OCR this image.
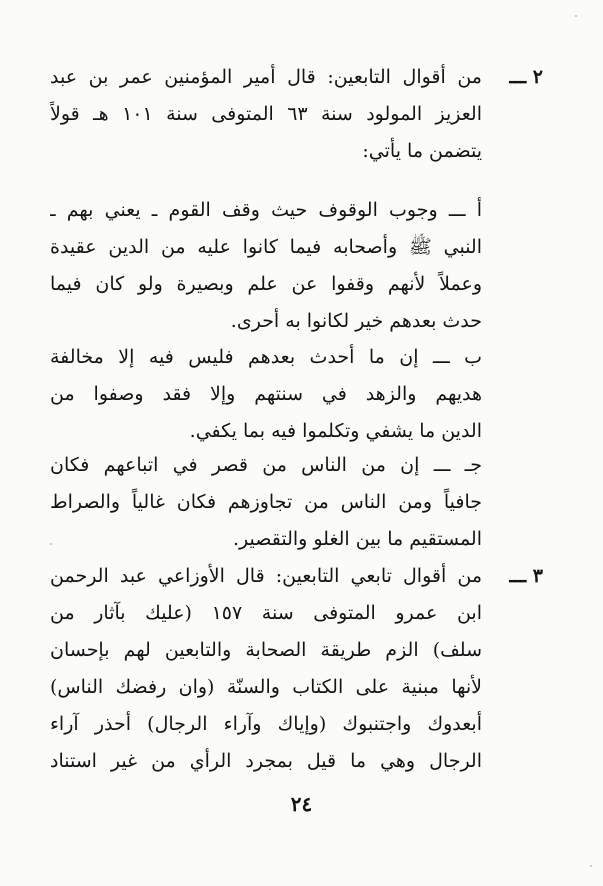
٢ ـــ
من أقوال التابعين: قال أمير المؤمنين عمر بن عبد
العزيز المولود سنة ٦٣ المتوفى سنة ١٠١ هـ قولاً
يتضمن ما يأتي:
أ ـــ وجوب الوقوف حيث وقف القوم ـ يعني بهم ـ
النبي ﷺ وأصحابه فيما كانوا عليه من الدين عقيدة
وعملاً لأنهم وقفوا عن علم وبصيرة ولو كان فيما
حدث بعدهم خير لكانوا به أحرى.
ب ـــ إن ما أحدث بعدهم فليس فيه إلا مخالفة
هديهم والزهد في سنتهم وإلا فقد وصفوا من
الدين ما يشفي وتكلموا فيه بما يكفي.
جـ ـــ إن من الناس من قصر في اتباعهم فكان
جافياً ومن الناس من تجاوزهم فكان غالياً والصراط
المستقيم ما بين الغلو والتقصير.
٣ ـــ
من أقوال تابعي التابعين: قال الأوزاعي عبد الرحمن
ابن عمرو المتوفى سنة ١٥٧ (عليك بآثار من
سلف) الزم طريقة الصحابة والتابعين لهم بإحسان
لأنها مبنية على الكتاب والسنّة (وان رفضك الناس)
أبعدوك واجتنبوك (وإياك وآراء الرجال) أحذر آراء
الرجال وهي ما قيل بمجرد الرأي من غير استناد
٢٤
